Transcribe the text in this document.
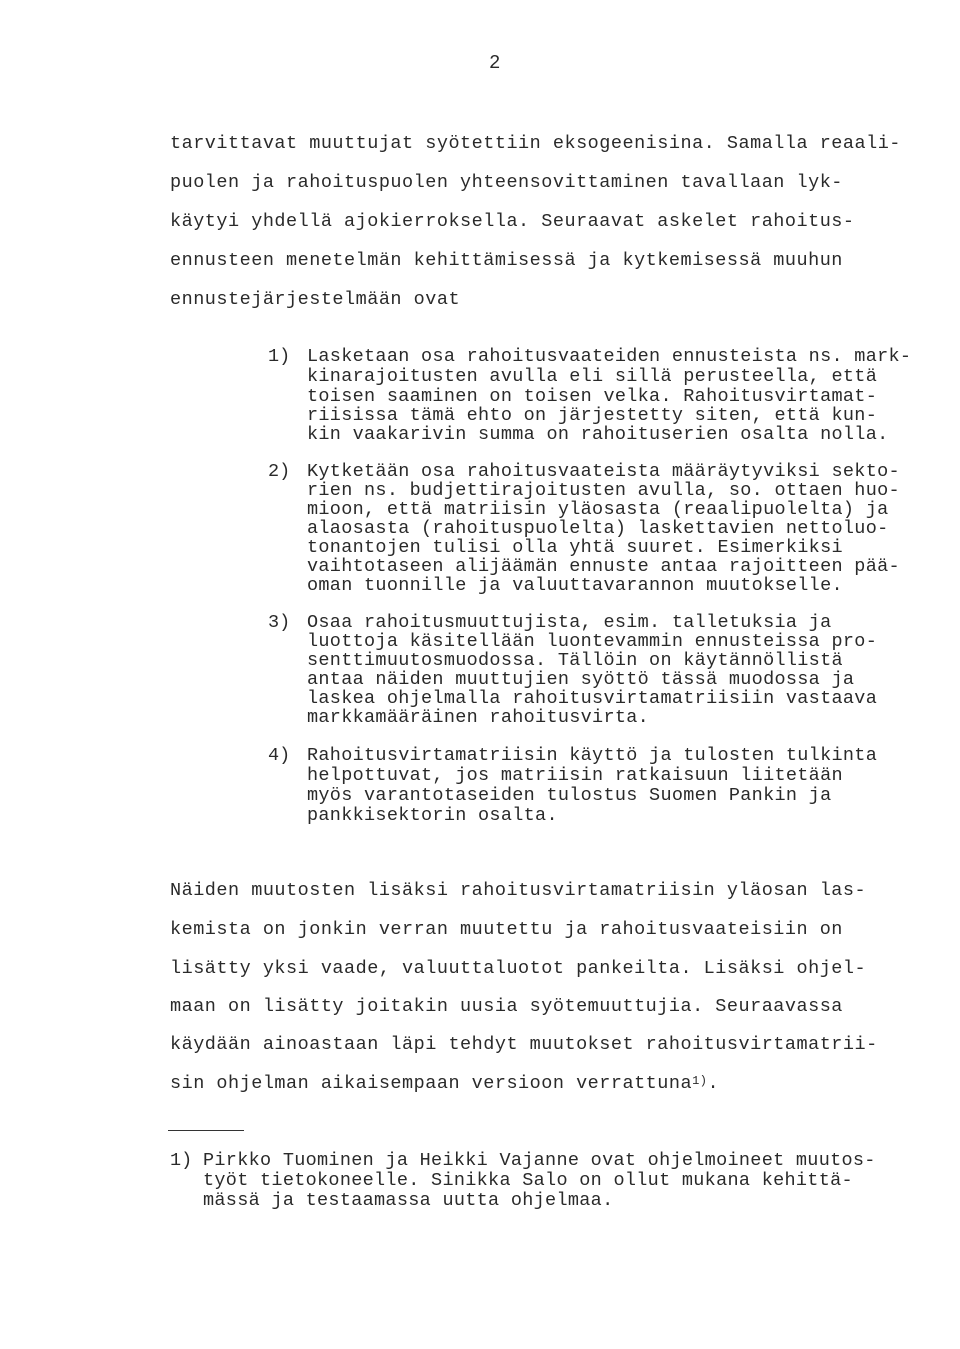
2
tarvittavat muuttujat syötettiin eksogeenisina. Samalla reaali-
puolen ja rahoituspuolen yhteensovittaminen tavallaan lyk-
käytyi yhdellä ajokierroksella. Seuraavat askelet rahoitus-
ennusteen menetelmän kehittämisessä ja kytkemisessä muuhun
ennustejärjestelmään ovat
1) Lasketaan osa rahoitusvaateiden ennusteista ns. mark-
kinarajoitusten avulla eli sillä perusteella, että
toisen saaminen on toisen velka. Rahoitusvirtamat-
riisissa tämä ehto on järjestetty siten, että kun-
kin vaakarivin summa on rahoituserien osalta nolla.
2) Kytketään osa rahoitusvaateista määräytyviksi sekto-
rien ns. budjettirajoitusten avulla, so. ottaen huo-
mioon, että matriisin yläosasta (reaalipuolelta) ja
alaosasta (rahoituspuolelta) laskettavien nettoluo-
tonantojen tulisi olla yhtä suuret. Esimerkiksi
vaihtotaseen alijäämän ennuste antaa rajoitteen pää-
oman tuonnille ja valuuttavarannon muutokselle.
3) Osaa rahoitusmuuttujista, esim. talletuksia ja
luottoja käsitellään luontevammin ennusteissa pro-
senttimuutosmuodossa. Tällöin on käytännöllistä
antaa näiden muuttujien syöttö tässä muodossa ja
laskea ohjelmalla rahoitusvirtamatriisiin vastaava
markkamääräinen rahoitusvirta.
4) Rahoitusvirtamatriisin käyttö ja tulosten tulkinta
helpottuvat, jos matriisin ratkaisuun liitetään
myös varantotaseiden tulostus Suomen Pankin ja
pankkisektorin osalta.
Näiden muutosten lisäksi rahoitusvirtamatriisin yläosan las-
kemista on jonkin verran muutettu ja rahoitusvaateisiin on
lisätty yksi vaade, valuuttaluotot pankeilta. Lisäksi ohjel-
maan on lisätty joitakin uusia syötemuuttujia. Seuraavassa
käydään ainoastaan läpi tehdyt muutokset rahoitusvirtamatrii-
sin ohjelman aikaisempaan versioon verrattuna$^{1)}$.
1) Pirkko Tuominen ja Heikki Vajanne ovat ohjelmoineet muutos-
työt tietokoneelle. Sinikka Salo on ollut mukana kehittä-
mässä ja testaamassa uutta ohjelmaa.
